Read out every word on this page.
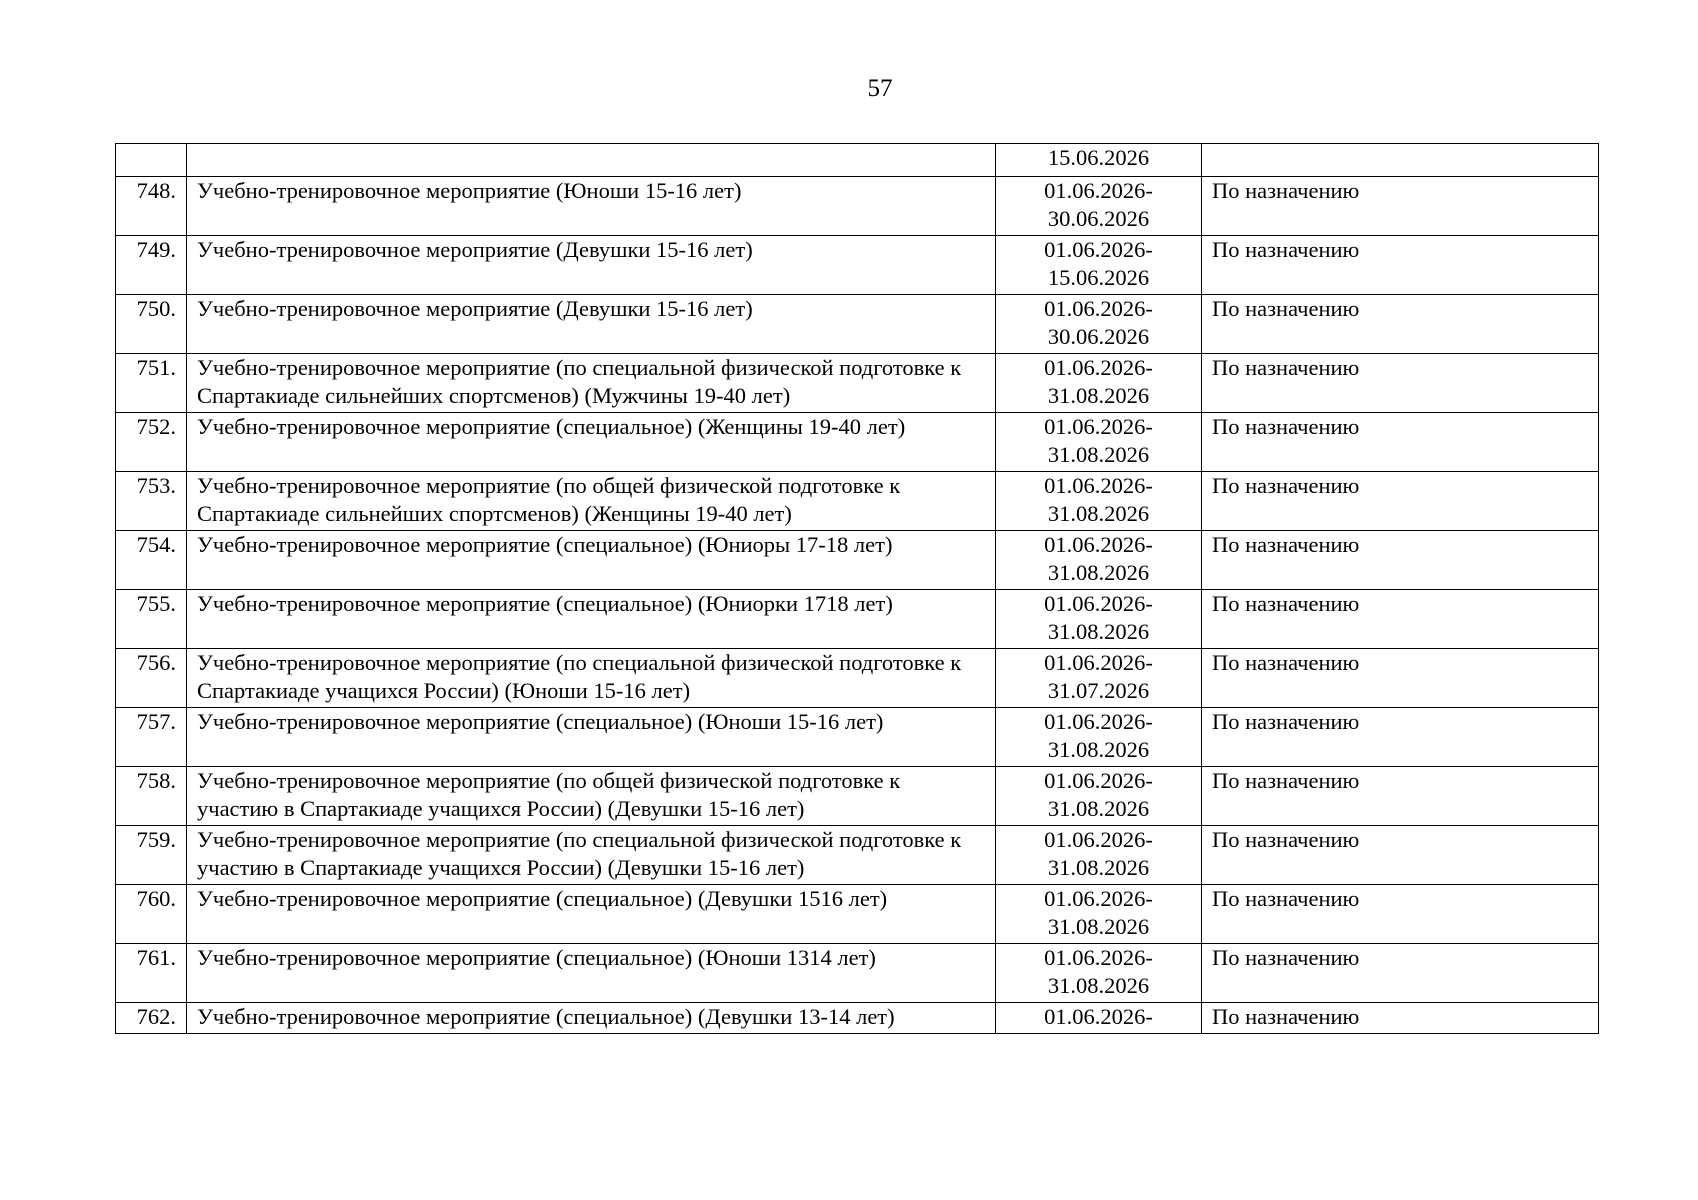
57

		15.06.2026	

748.	Учебно-тренировочное мероприятие (Юноши 15-16 лет)	01.06.2026-
30.06.2026	По назначению
749.	Учебно-тренировочное мероприятие (Девушки 15-16 лет)	01.06.2026-
15.06.2026	По назначению
750.	Учебно-тренировочное мероприятие (Девушки 15-16 лет)	01.06.2026-
30.06.2026	По назначению
751.	Учебно-тренировочное мероприятие (по специальной физической подготовке к Спартакиаде сильнейших спортсменов) (Мужчины 19-40 лет)	01.06.2026-
31.08.2026	По назначению
752.	Учебно-тренировочное мероприятие (специальное) (Женщины 19-40 лет)	01.06.2026-
31.08.2026	По назначению
753.	Учебно-тренировочное мероприятие (по общей физической подготовке к Спартакиаде сильнейших спортсменов) (Женщины 19-40 лет)	01.06.2026-
31.08.2026	По назначению
754.	Учебно-тренировочное мероприятие (специальное) (Юниоры 17-18 лет)	01.06.2026-
31.08.2026	По назначению
755.	Учебно-тренировочное мероприятие (специальное) (Юниорки 1718 лет)	01.06.2026-
31.08.2026	По назначению
756.	Учебно-тренировочное мероприятие (по специальной физической подготовке к Спартакиаде учащихся России) (Юноши 15-16 лет)	01.06.2026-
31.07.2026	По назначению
757.	Учебно-тренировочное мероприятие (специальное) (Юноши 15-16 лет)	01.06.2026-
31.08.2026	По назначению
758.	Учебно-тренировочное мероприятие (по общей физической подготовке к участию в Спартакиаде учащихся России) (Девушки 15-16 лет)	01.06.2026-
31.08.2026	По назначению
759.	Учебно-тренировочное мероприятие (по специальной физической подготовке к участию в Спартакиаде учащихся России) (Девушки 15-16 лет)	01.06.2026-
31.08.2026	По назначению
760.	Учебно-тренировочное мероприятие (специальное) (Девушки 1516 лет)	01.06.2026-
31.08.2026	По назначению
761.	Учебно-тренировочное мероприятие (специальное) (Юноши 1314 лет)	01.06.2026-
31.08.2026	По назначению
762.	Учебно-тренировочное мероприятие (специальное) (Девушки 13-14 лет)	01.06.2026-	По назначению
